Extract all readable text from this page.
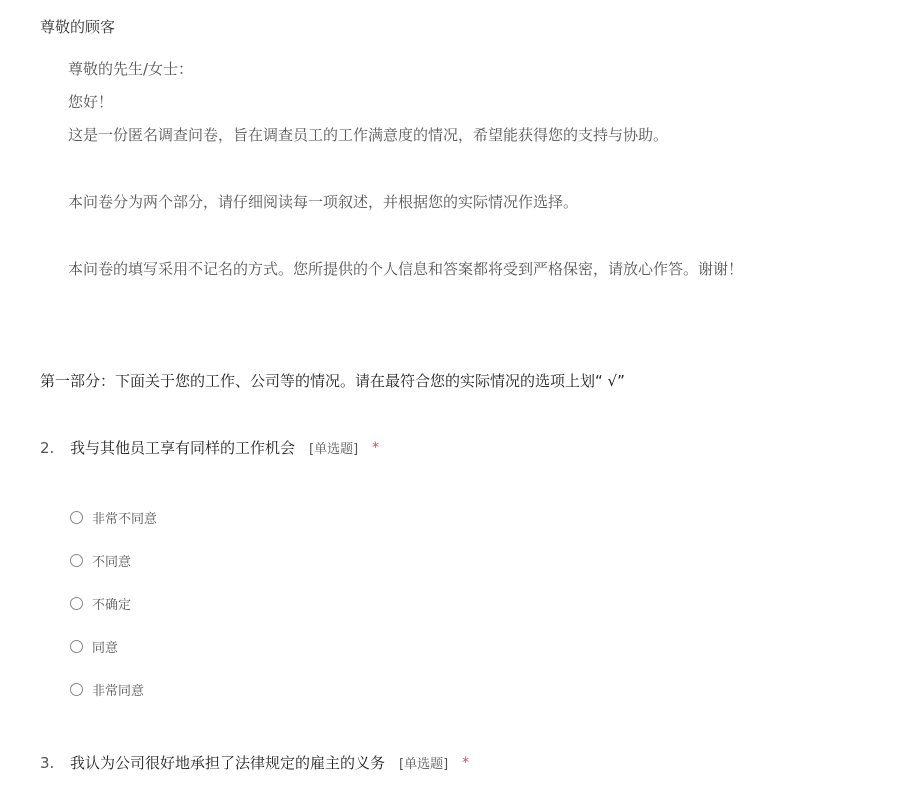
尊敬的顾客
尊敬的先生/女士：
您好！
这是一份匿名调查问卷，旨在调查员工的工作满意度的情况，希望能获得您的支持与协助。
本问卷分为两个部分，请仔细阅读每一项叙述，并根据您的实际情况作选择。
本问卷的填写采用不记名的方式。您所提供的个人信息和答案都将受到严格保密，请放心作答。谢谢！
第一部分：下面关于您的工作、公司等的情况。请在最符合您的实际情况的选项上划“ √”
2.	我与其他员工享有同样的工作机会 [单选题] *
非常不同意
不同意
不确定
同意
非常同意
3.	我认为公司很好地承担了法律规定的雇主的义务 [单选题] *
